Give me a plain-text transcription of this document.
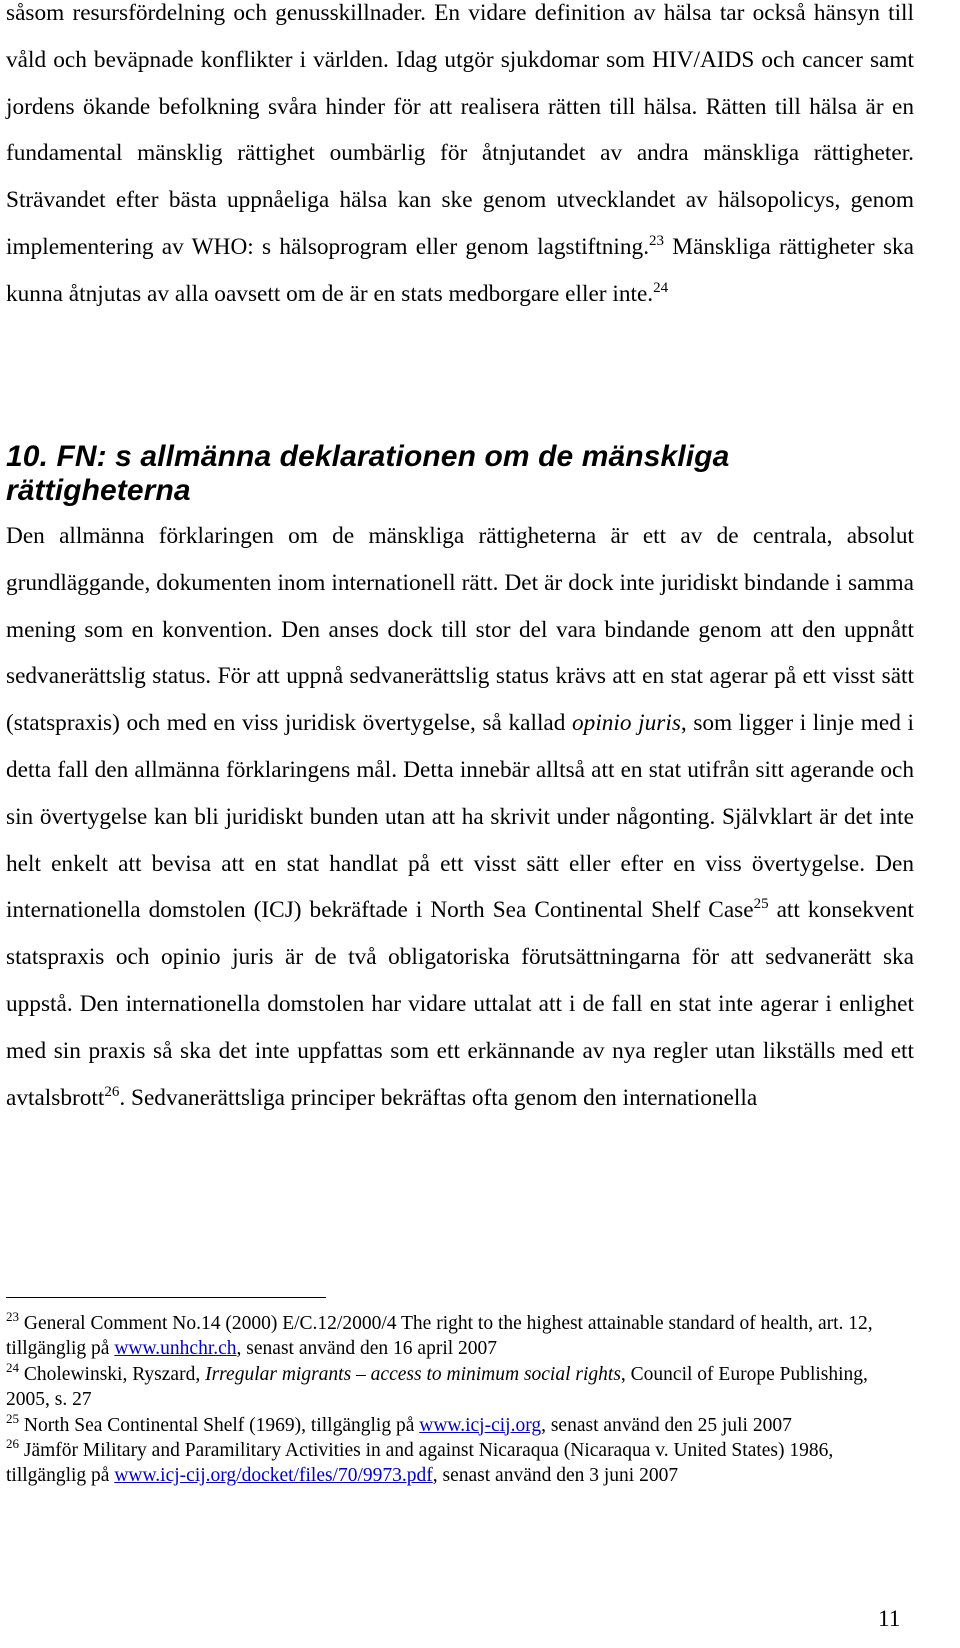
såsom resursfördelning och genusskillnader. En vidare definition av hälsa tar också hänsyn till våld och beväpnade konflikter i världen. Idag utgör sjukdomar som HIV/AIDS och cancer samt jordens ökande befolkning svåra hinder för att realisera rätten till hälsa. Rätten till hälsa är en fundamental mänsklig rättighet oumbärlig för åtnjutandet av andra mänskliga rättigheter. Strävandet efter bästa uppnåeliga hälsa kan ske genom utvecklandet av hälsopolicys, genom implementering av WHO: s hälsoprogram eller genom lagstiftning.$^{23}$ Mänskliga rättigheter ska kunna åtnjutas av alla oavsett om de är en stats medborgare eller inte.$^{24}$

10. FN: s allmänna deklarationen om de mänskliga rättigheterna

Den allmänna förklaringen om de mänskliga rättigheterna är ett av de centrala, absolut grundläggande, dokumenten inom internationell rätt. Det är dock inte juridiskt bindande i samma mening som en konvention. Den anses dock till stor del vara bindande genom att den uppnått sedvanerättslig status. För att uppnå sedvanerättslig status krävs att en stat agerar på ett visst sätt (statspraxis) och med en viss juridisk övertygelse, så kallad opinio juris, som ligger i linje med i detta fall den allmänna förklaringens mål. Detta innebär alltså att en stat utifrån sitt agerande och sin övertygelse kan bli juridiskt bunden utan att ha skrivit under någonting. Självklart är det inte helt enkelt att bevisa att en stat handlat på ett visst sätt eller efter en viss övertygelse. Den internationella domstolen (ICJ) bekräftade i North Sea Continental Shelf Case$^{25}$ att konsekvent statspraxis och opinio juris är de två obligatoriska förutsättningarna för att sedvanerätt ska uppstå. Den internationella domstolen har vidare uttalat att i de fall en stat inte agerar i enlighet med sin praxis så ska det inte uppfattas som ett erkännande av nya regler utan likställs med ett avtalsbrott$^{26}$. Sedvanerättsliga principer bekräftas ofta genom den internationella

$^{23}$ General Comment No.14 (2000) E/C.12/2000/4 The right to the highest attainable standard of health, art. 12, tillgänglig på www.unhchr.ch, senast använd den 16 april 2007

$^{24}$ Cholewinski, Ryszard, Irregular migrants – access to minimum social rights, Council of Europe Publishing, 2005, s. 27

$^{25}$ North Sea Continental Shelf (1969), tillgänglig på www.icj-cij.org, senast använd den 25 juli 2007

$^{26}$ Jämför Military and Paramilitary Activities in and against Nicaraqua (Nicaraqua v. United States) 1986, tillgänglig på www.icj-cij.org/docket/files/70/9973.pdf, senast använd den 3 juni 2007

11
